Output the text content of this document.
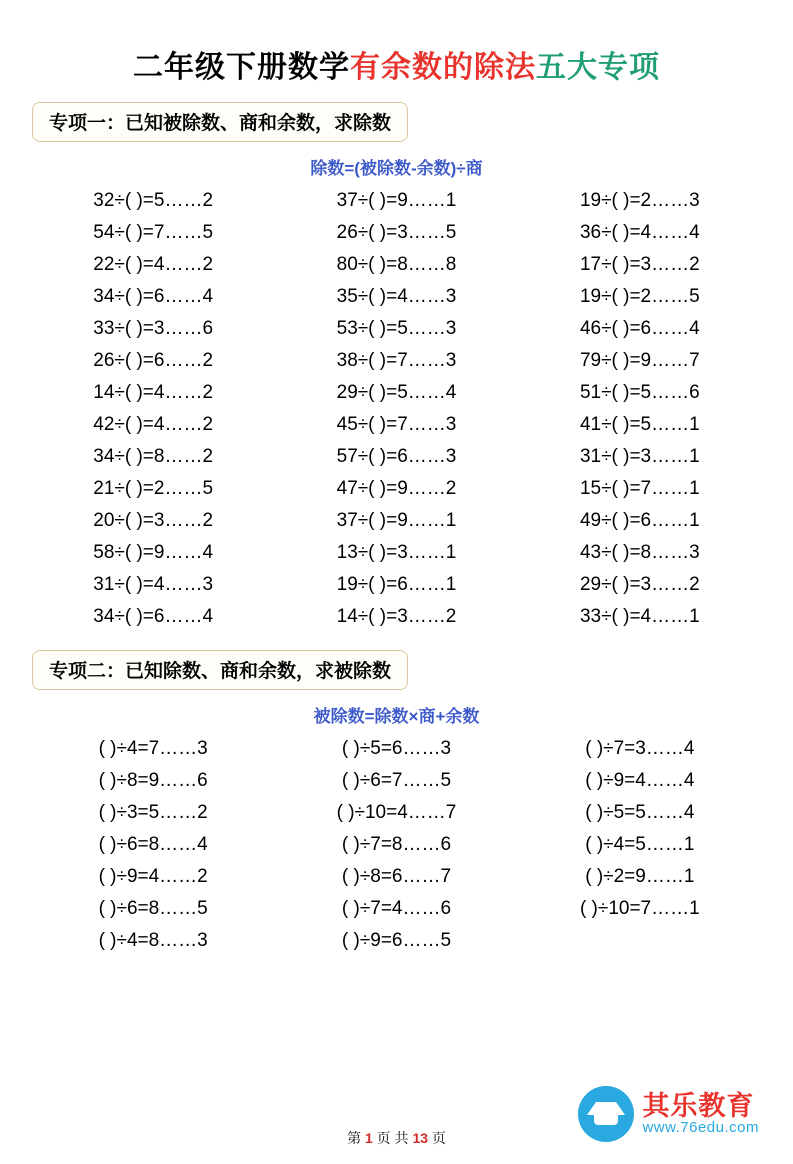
二年级下册数学有余数的除法五大专项
专项一：已知被除数、商和余数，求除数
除数=(被除数-余数)÷商
32÷( )=5……2	37÷( )=9……1	19÷( )=2……3
54÷( )=7……5	26÷( )=3……5	36÷( )=4……4
22÷( )=4……2	80÷( )=8……8	17÷( )=3……2
34÷( )=6……4	35÷( )=4……3	19÷( )=2……5
33÷( )=3……6	53÷( )=5……3	46÷( )=6……4
26÷( )=6……2	38÷( )=7……3	79÷( )=9……7
14÷( )=4……2	29÷( )=5……4	51÷( )=5……6
42÷( )=4……2	45÷( )=7……3	41÷( )=5……1
34÷( )=8……2	57÷( )=6……3	31÷( )=3……1
21÷( )=2……5	47÷( )=9……2	15÷( )=7……1
20÷( )=3……2	37÷( )=9……1	49÷( )=6……1
58÷( )=9……4	13÷( )=3……1	43÷( )=8……3
31÷( )=4……3	19÷( )=6……1	29÷( )=3……2
34÷( )=6……4	14÷( )=3……2	33÷( )=4……1
专项二：已知除数、商和余数，求被除数
被除数=除数×商+余数
( )÷4=7……3	( )÷5=6……3	( )÷7=3……4
( )÷8=9……6	( )÷6=7……5	( )÷9=4……4
( )÷3=5……2	( )÷10=4……7	( )÷5=5……4
( )÷6=8……4	( )÷7=8……6	( )÷4=5……1
( )÷9=4……2	( )÷8=6……7	( )÷2=9……1
( )÷6=8……5	( )÷7=4……6	( )÷10=7……1
( )÷4=8……3	( )÷9=6……5
其乐教育
www.76edu.com
第 1 页 共 13 页
